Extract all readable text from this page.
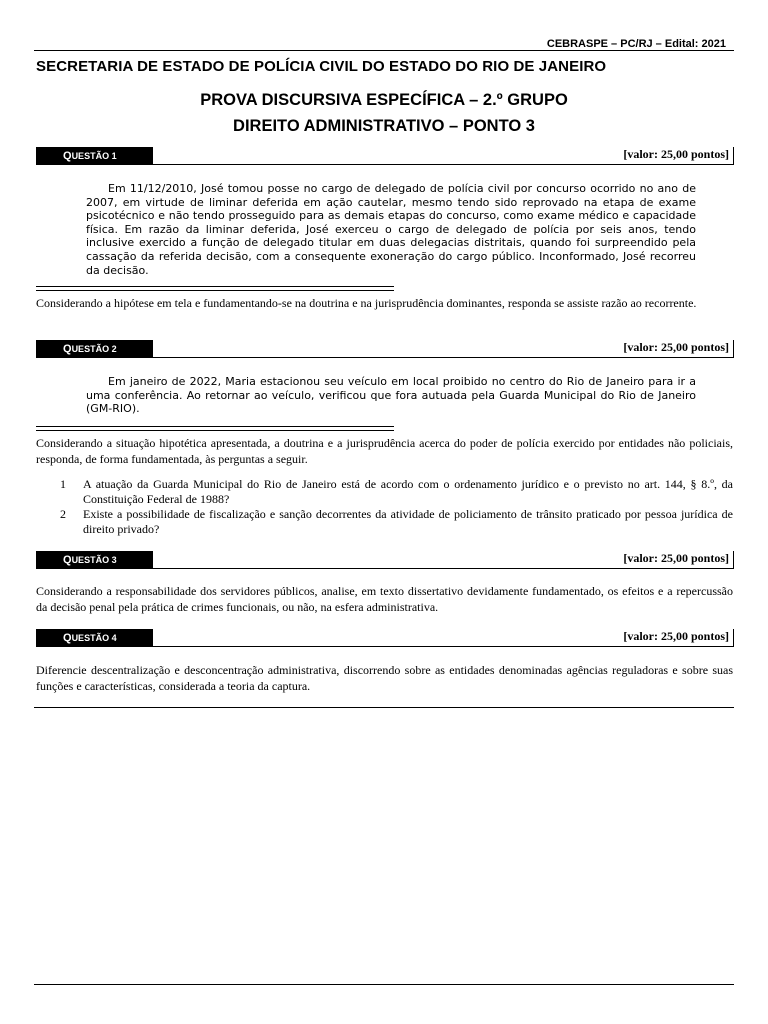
CEBRASPE – PC/RJ – Edital: 2021
SECRETARIA DE ESTADO DE POLÍCIA CIVIL DO ESTADO DO RIO DE JANEIRO
PROVA DISCURSIVA ESPECÍFICA – 2.º GRUPO
DIREITO ADMINISTRATIVO – PONTO 3
QUESTÃO 1	[valor: 25,00 pontos]
Em 11/12/2010, José tomou posse no cargo de delegado de polícia civil por concurso ocorrido no ano de 2007, em virtude de liminar deferida em ação cautelar, mesmo tendo sido reprovado na etapa de exame psicotécnico e não tendo prosseguido para as demais etapas do concurso, como exame médico e capacidade física. Em razão da liminar deferida, José exerceu o cargo de delegado de polícia por seis anos, tendo inclusive exercido a função de delegado titular em duas delegacias distritais, quando foi surpreendido pela cassação da referida decisão, com a consequente exoneração do cargo público. Inconformado, José recorreu da decisão.
Considerando a hipótese em tela e fundamentando-se na doutrina e na jurisprudência dominantes, responda se assiste razão ao recorrente.
QUESTÃO 2	[valor: 25,00 pontos]
Em janeiro de 2022, Maria estacionou seu veículo em local proibido no centro do Rio de Janeiro para ir a uma conferência. Ao retornar ao veículo, verificou que fora autuada pela Guarda Municipal do Rio de Janeiro (GM-RIO).
Considerando a situação hipotética apresentada, a doutrina e a jurisprudência acerca do poder de polícia exercido por entidades não policiais, responda, de forma fundamentada, às perguntas a seguir.
1 A atuação da Guarda Municipal do Rio de Janeiro está de acordo com o ordenamento jurídico e o previsto no art. 144, § 8.º, da Constituição Federal de 1988?
2 Existe a possibilidade de fiscalização e sanção decorrentes da atividade de policiamento de trânsito praticado por pessoa jurídica de direito privado?
QUESTÃO 3	[valor: 25,00 pontos]
Considerando a responsabilidade dos servidores públicos, analise, em texto dissertativo devidamente fundamentado, os efeitos e a repercussão da decisão penal pela prática de crimes funcionais, ou não, na esfera administrativa.
QUESTÃO 4	[valor: 25,00 pontos]
Diferencie descentralização e desconcentração administrativa, discorrendo sobre as entidades denominadas agências reguladoras e sobre suas funções e características, considerada a teoria da captura.
